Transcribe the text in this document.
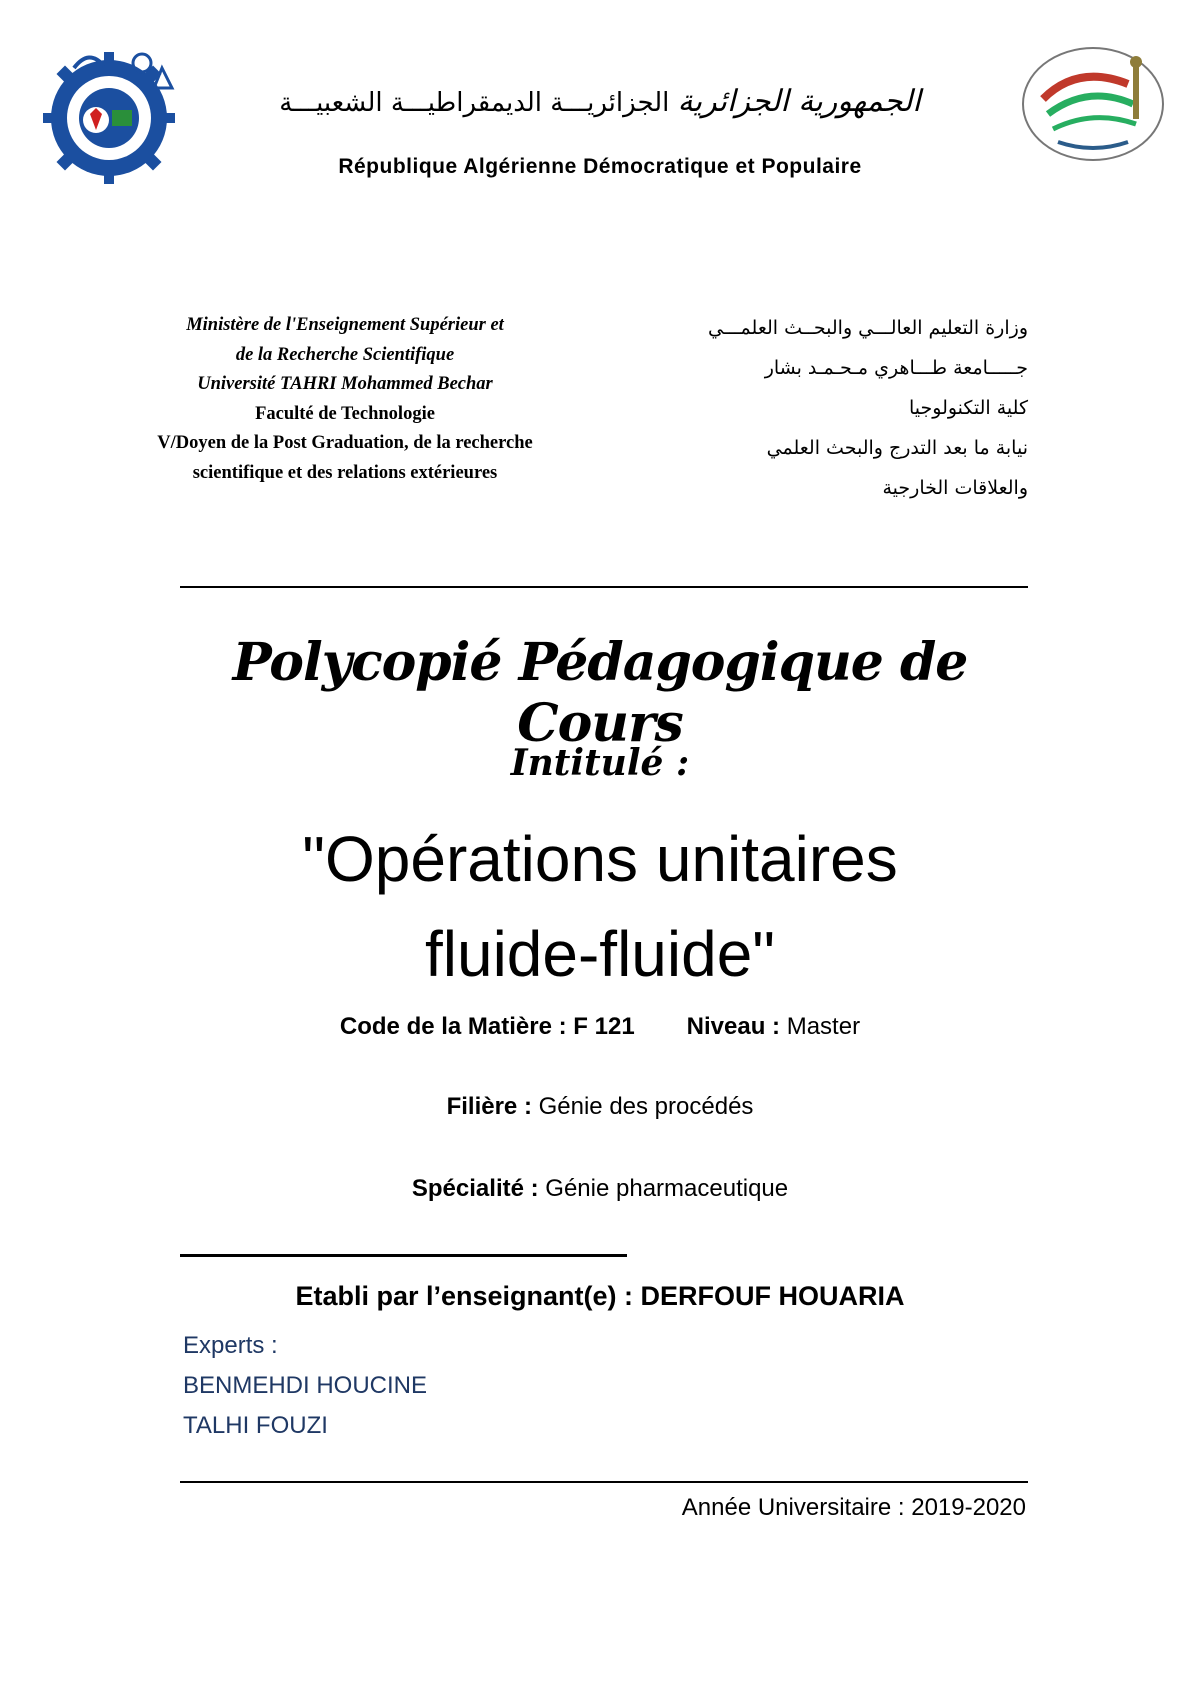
الجمهورية الجزائرية الجزائريـــة الديمقراطيـــة الشعبيـــة
République Algérienne Démocratique et Populaire
Ministère de l'Enseignement Supérieur et
de la Recherche Scientifique
Université TAHRI Mohammed Bechar
Faculté de Technologie
V/Doyen de la Post Graduation, de la recherche
scientifique et des relations extérieures
وزارة التعليم العالـــي والبحــث العلمـــي
جـــــامعة طـــاهري مـحـمـد بشار
كلية التكنولوجيا
نيابة ما بعد التدرج والبحث العلمي
والعلاقات الخارجية
Polycopié Pédagogique de Cours
Intitulé :
"Opérations unitaires
fluide-fluide"
Code de la Matière : F 121 Niveau : Master
Filière : Génie des procédés
Spécialité : Génie pharmaceutique
Etabli par l’enseignant(e) : DERFOUF HOUARIA
Experts :
BENMEHDI HOUCINE
TALHI FOUZI
Année Universitaire : 2019-2020
